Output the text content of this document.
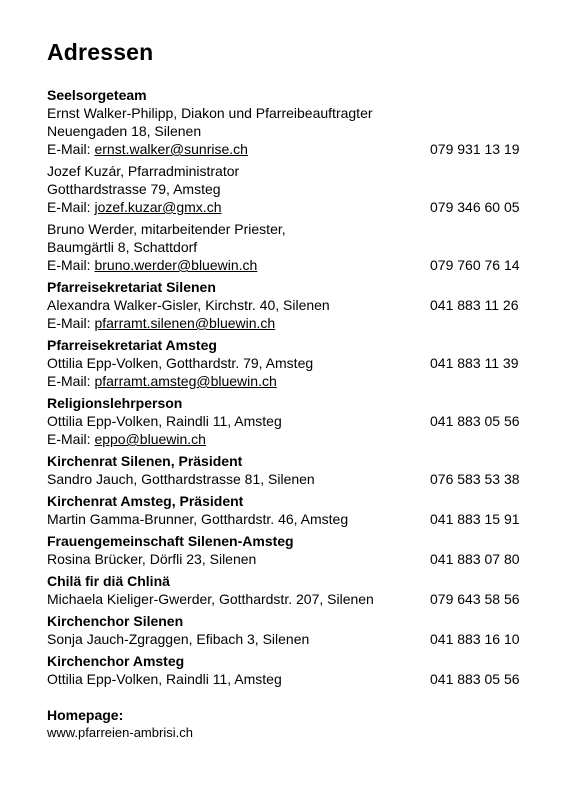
Adressen
Seelsorgeteam
Ernst Walker-Philipp, Diakon und Pfarreibeauftragter
Neuengaden 18, Silenen
E-Mail: ernst.walker@sunrise.ch	079 931 13 19
Jozef Kuzár, Pfarradministrator
Gotthardstrasse 79, Amsteg
E-Mail: jozef.kuzar@gmx.ch	079 346 60 05
Bruno Werder, mitarbeitender Priester,
Baumgärtli 8, Schattdorf
E-Mail: bruno.werder@bluewin.ch	079 760 76 14
Pfarreisekretariat Silenen
Alexandra Walker-Gisler, Kirchstr. 40, Silenen	041 883 11 26
E-Mail: pfarramt.silenen@bluewin.ch
Pfarreisekretariat Amsteg
Ottilia Epp-Volken, Gotthardstr. 79, Amsteg	041 883 11 39
E-Mail: pfarramt.amsteg@bluewin.ch
Religionslehrperson
Ottilia Epp-Volken, Raindli 11, Amsteg	041 883 05 56
E-Mail: eppo@bluewin.ch
Kirchenrat Silenen, Präsident
Sandro Jauch, Gotthardstrasse 81, Silenen	076 583 53 38
Kirchenrat Amsteg, Präsident
Martin Gamma-Brunner, Gotthardstr. 46, Amsteg	041 883 15 91
Frauengemeinschaft Silenen-Amsteg
Rosina Brücker, Dörfli 23, Silenen	041 883 07 80
Chilä fir diä Chlinä
Michaela Kieliger-Gwerder, Gotthardstr. 207, Silenen	079 643 58 56
Kirchenchor Silenen
Sonja Jauch-Zgraggen, Efibach 3, Silenen	041 883 16 10
Kirchenchor Amsteg
Ottilia Epp-Volken, Raindli 11, Amsteg	041 883 05 56
Homepage:
www.pfarreien-ambrisi.ch
